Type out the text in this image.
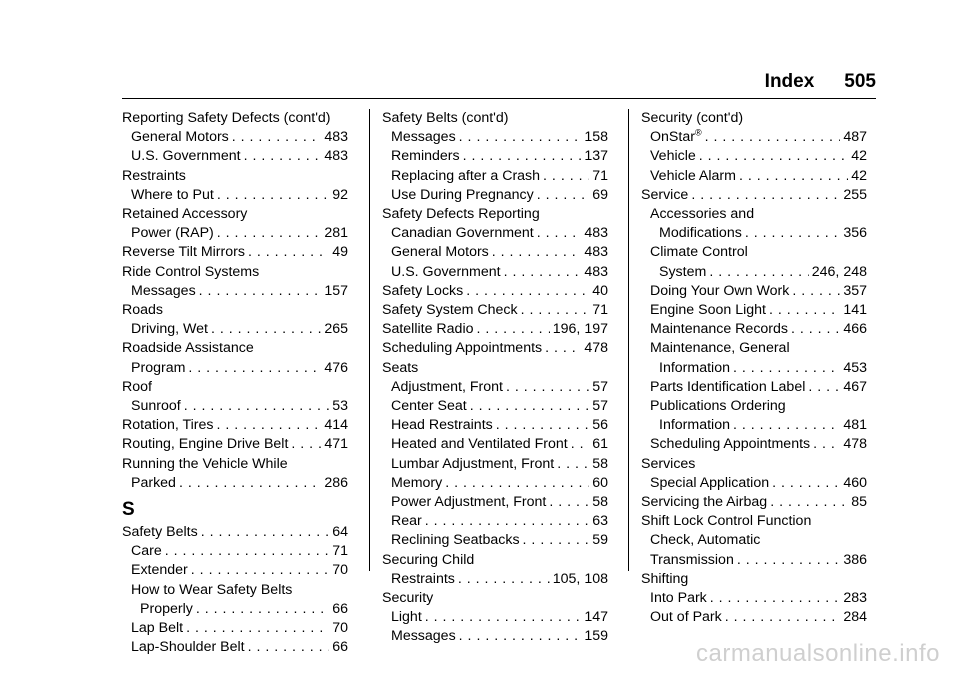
Index 505
Reporting Safety Defects (cont'd)
General Motors . . .	483
U.S. Government . . .	483
Restraints
Where to Put . . .	92
Retained Accessory
Power (RAP) . . .	281
Reverse Tilt Mirrors . . .	49
Ride Control Systems
Messages . . .	157
Roads
Driving, Wet . . .	265
Roadside Assistance
Program . . .	476
Roof
Sunroof . . .	53
Rotation, Tires . . .	414
Routing, Engine Drive Belt . . .	471
Running the Vehicle While
Parked . . .	286
S
Safety Belts . . .	64
Care . . .	71
Extender . . .	70
How to Wear Safety Belts
Properly . . .	66
Lap Belt . . .	70
Lap-Shoulder Belt . . .	66
Safety Belts (cont'd)
Messages . . .	158
Reminders . . .	137
Replacing after a Crash . . .	71
Use During Pregnancy . . .	69
Safety Defects Reporting
Canadian Government . . .	483
General Motors . . .	483
U.S. Government . . .	483
Safety Locks . . .	40
Safety System Check . . .	71
Satellite Radio . . .	196, 197
Scheduling Appointments . . .	478
Seats
Adjustment, Front . . .	57
Center Seat . . .	57
Head Restraints . . .	56
Heated and Ventilated Front . . . 61
Lumbar Adjustment, Front . . .	58
Memory . . .	60
Power Adjustment, Front . . .	58
Rear . . .	63
Reclining Seatbacks . . .	59
Securing Child
Restraints . . .	105, 108
Security
Light . . .	147
Messages . . .	159
Security (cont'd)
OnStar® . . .	487
Vehicle . . .	42
Vehicle Alarm . . .	42
Service . . .	255
Accessories and
Modifications . . .	356
Climate Control
System . . .	246, 248
Doing Your Own Work . . .	357
Engine Soon Light . . .	141
Maintenance Records . . .	466
Maintenance, General
Information . . .	453
Parts Identification Label . . .	467
Publications Ordering
Information . . .	481
Scheduling Appointments . . . 478
Services
Special Application . . .	460
Servicing the Airbag . . .	85
Shift Lock Control Function
Check, Automatic
Transmission . . .	386
Shifting
Into Park . . .	283
Out of Park . . .	284
carmanualsonline.info
